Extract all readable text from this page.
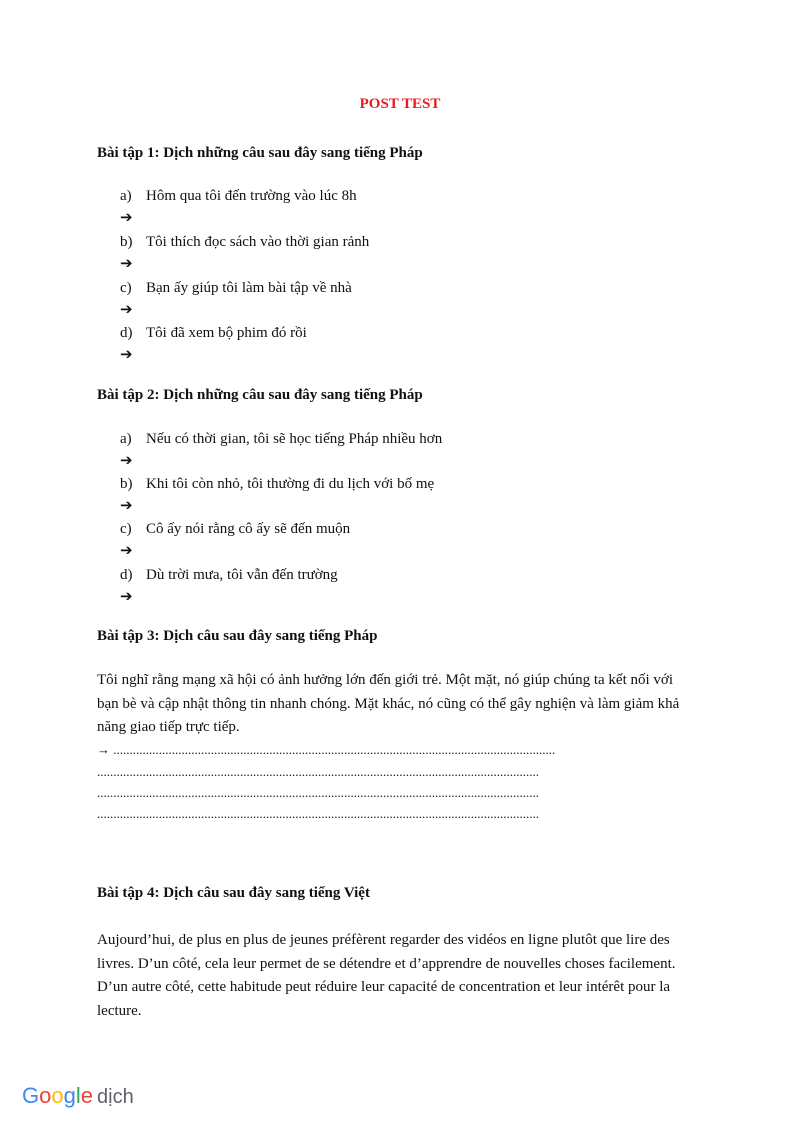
POST TEST
Bài tập 1: Dịch những câu sau đây sang tiếng Pháp
a) Hôm qua tôi đến trường vào lúc 8h
➔
b) Tôi thích đọc sách vào thời gian rảnh
➔
c) Bạn ấy giúp tôi làm bài tập về nhà
➔
d) Tôi đã xem bộ phim đó rồi
➔
Bài tập 2: Dịch những câu sau đây sang tiếng Pháp
a) Nếu có thời gian, tôi sẽ học tiếng Pháp nhiều hơn
➔
b) Khi tôi còn nhỏ, tôi thường đi du lịch với bố mẹ
➔
c) Cô ấy nói rằng cô ấy sẽ đến muộn
➔
d) Dù trời mưa, tôi vẫn đến trường
➔
Bài tập 3: Dịch câu sau đây sang tiếng Pháp
Tôi nghĩ rằng mạng xã hội có ảnh hưởng lớn đến giới trẻ. Một mặt, nó giúp chúng ta kết nối với bạn bè và cập nhật thông tin nhanh chóng. Mặt khác, nó cũng có thể gây nghiện và làm giảm khả năng giao tiếp trực tiếp.
→ ........................................................................................................................................
........................................................................................................................................
........................................................................................................................................
........................................................................................................................................
Bài tập 4: Dịch câu sau đây sang tiếng Việt
Aujourd’hui, de plus en plus de jeunes préfèrent regarder des vidéos en ligne plutôt que lire des livres. D’un côté, cela leur permet de se détendre et d’apprendre de nouvelles choses facilement. D’un autre côté, cette habitude peut réduire leur capacité de concentration et leur intérêt pour la lecture.
Google dịch
